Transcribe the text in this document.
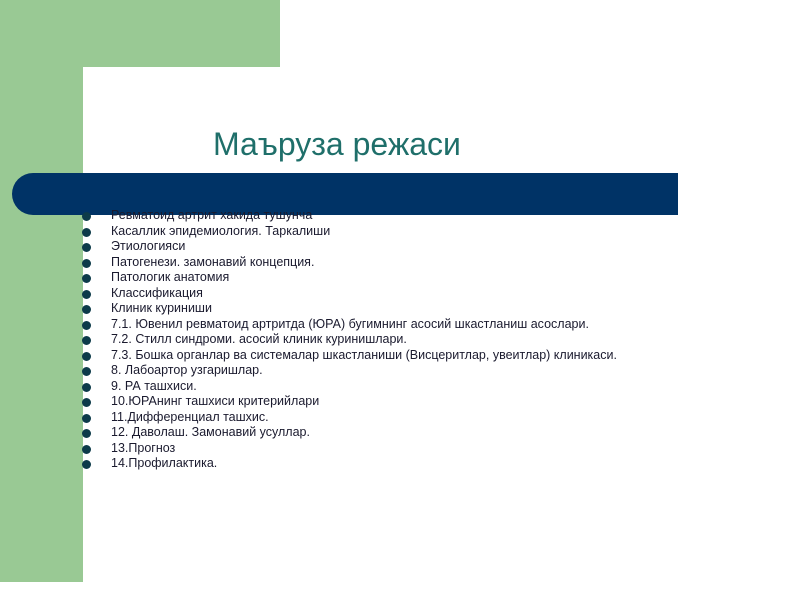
Маъруза режаси
Ревматоид артрит хакида тушунча
Касаллик эпидемиология. Таркалиши
Этиологияси
Патогенези. замонавий концепция.
Патологик анатомия
Классификация
Клиник куриниши
7.1. Ювенил ревматоид артритда (ЮРА) бугимнинг асосий шкастланиш асослари.
7.2. Стилл синдроми. асосий клиник куринишлари.
7.3. Бошка органлар ва системалар шкастланиши (Висцеритлар, увеитлар) клиникаси.
8. Лабоартор узгаришлар.
9. РА ташхиси.
10.ЮРАнинг ташхиси критерийлари
11.Дифференциал ташхис.
12. Даволаш. Замонавий усуллар.
13.Прогноз
14.Профилактика.
